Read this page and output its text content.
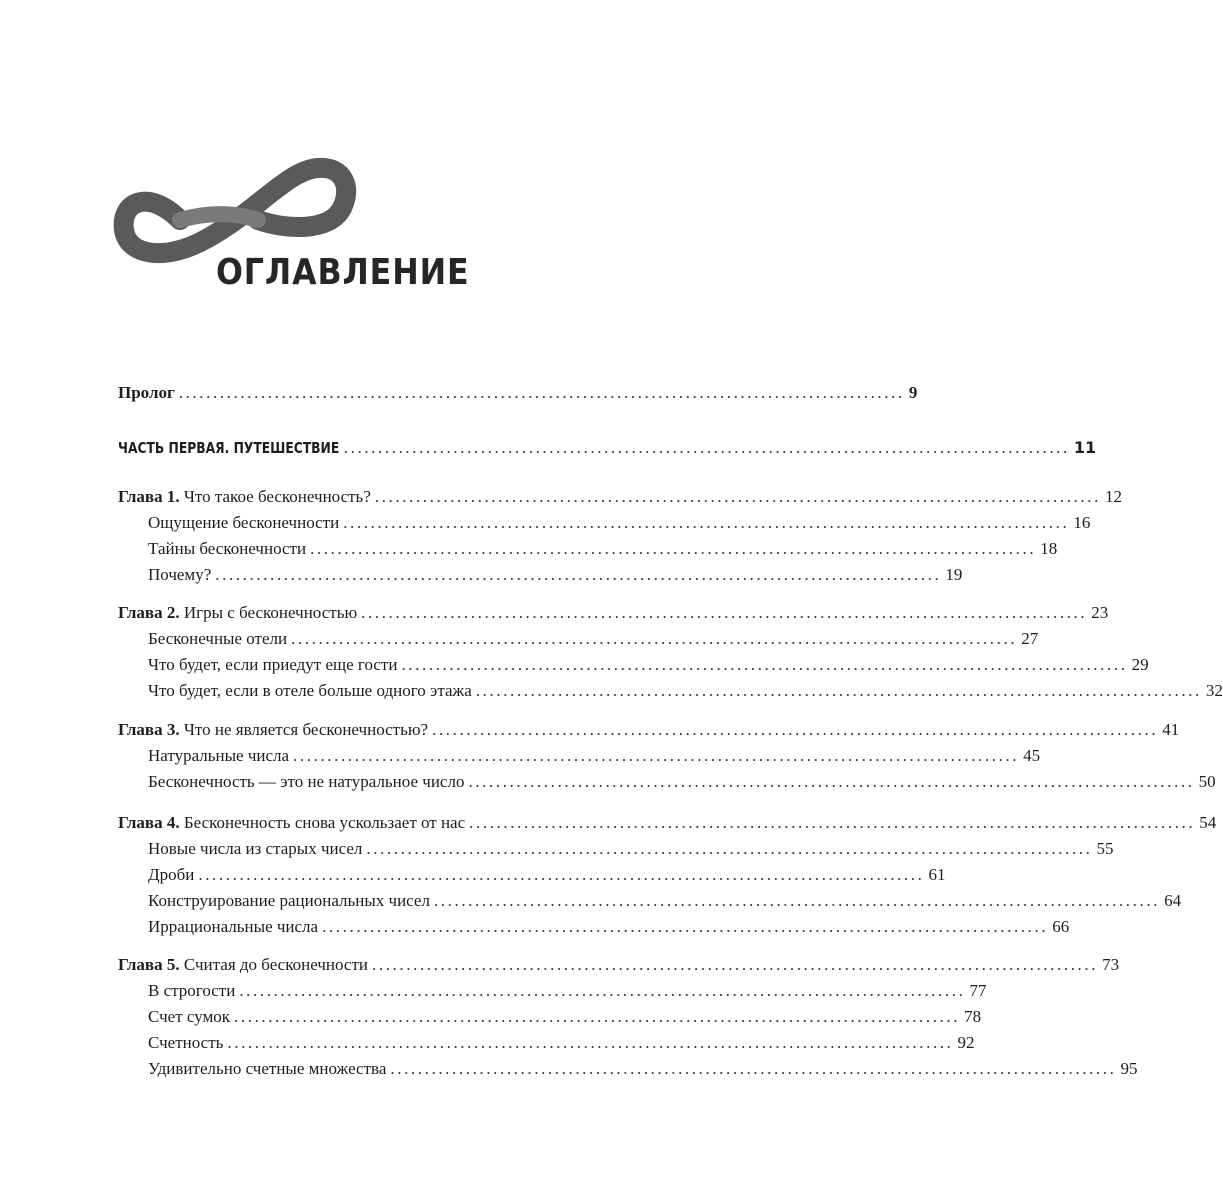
ОГЛАВЛЕНИЕ
Пролог .......................................................................................................... 9
ЧАСТЬ ПЕРВАЯ. ПУТЕШЕСТВИЕ .......................................................................................................... 11
Глава 1. Что такое бесконечность? .......................................................................................................... 12
Ощущение бесконечности .......................................................................................................... 16
Тайны бесконечности .......................................................................................................... 18
Почему? .......................................................................................................... 19
Глава 2. Игры с бесконечностью .......................................................................................................... 23
Бесконечные отели .......................................................................................................... 27
Что будет, если приедут еще гости .......................................................................................................... 29
Что будет, если в отеле больше одного этажа .......................................................................................................... 32
Глава 3. Что не является бесконечностью? .......................................................................................................... 41
Натуральные числа .......................................................................................................... 45
Бесконечность — это не натуральное число .......................................................................................................... 50
Глава 4. Бесконечность снова ускользает от нас .......................................................................................................... 54
Новые числа из старых чисел .......................................................................................................... 55
Дроби .......................................................................................................... 61
Конструирование рациональных чисел .......................................................................................................... 64
Иррациональные числа .......................................................................................................... 66
Глава 5. Считая до бесконечности .......................................................................................................... 73
В строгости .......................................................................................................... 77
Счет сумок .......................................................................................................... 78
Счетность .......................................................................................................... 92
Удивительно счетные множества .......................................................................................................... 95
